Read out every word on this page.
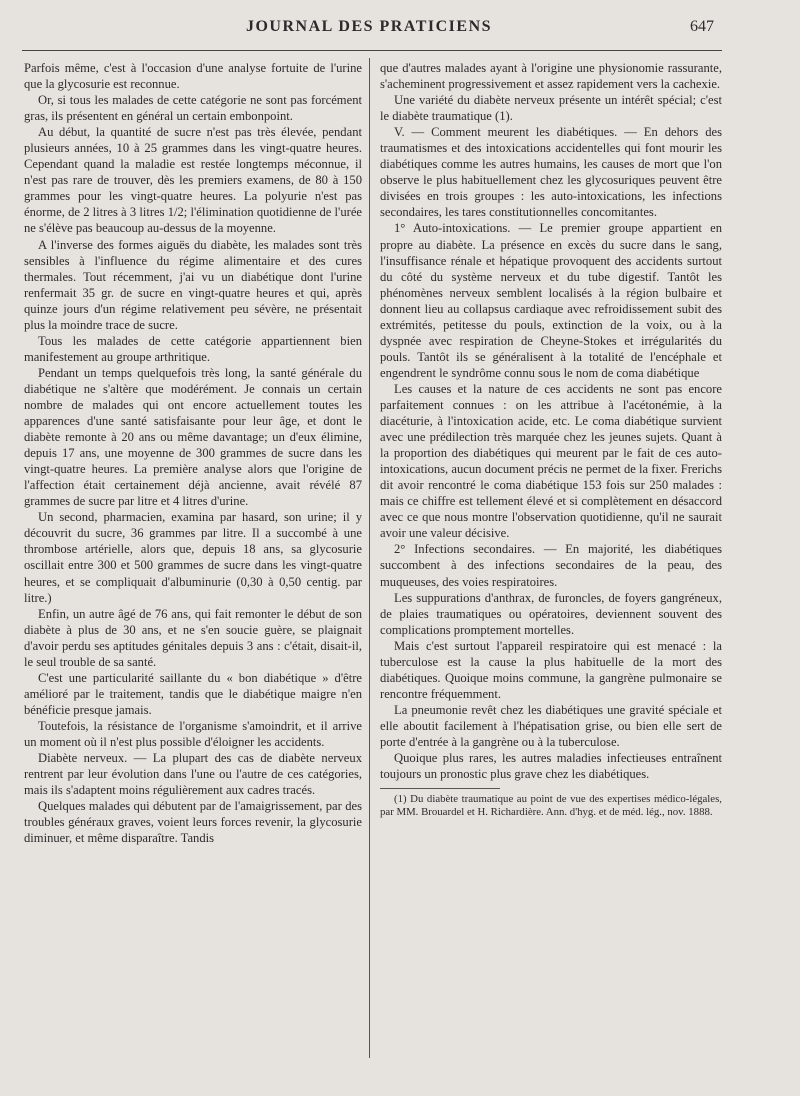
JOURNAL DES PRATICIENS	647

Parfois même, c'est à l'occasion d'une analyse fortuite de l'urine que la glycosurie est reconnue.

Or, si tous les malades de cette catégorie ne sont pas forcément gras, ils présentent en général un certain embonpoint.

Au début, la quantité de sucre n'est pas très élevée, pendant plusieurs années, 10 à 25 grammes dans les vingt-quatre heures. Cependant quand la maladie est restée longtemps méconnue, il n'est pas rare de trouver, dès les premiers examens, de 80 à 150 grammes pour les vingt-quatre heures. La polyurie n'est pas énorme, de 2 litres à 3 litres 1/2; l'élimination quotidienne de l'urée ne s'élève pas beaucoup au-dessus de la moyenne.

A l'inverse des formes aiguës du diabète, les malades sont très sensibles à l'influence du régime alimentaire et des cures thermales. Tout récemment, j'ai vu un diabétique dont l'urine renfermait 35 gr. de sucre en vingt-quatre heures et qui, après quinze jours d'un régime relativement peu sévère, ne présentait plus la moindre trace de sucre.

Tous les malades de cette catégorie appartiennent bien manifestement au groupe arthritique.

Pendant un temps quelquefois très long, la santé générale du diabétique ne s'altère que modérément. Je connais un certain nombre de malades qui ont encore actuellement toutes les apparences d'une santé satisfaisante pour leur âge, et dont le diabète remonte à 20 ans ou même davantage; un d'eux élimine, depuis 17 ans, une moyenne de 300 grammes de sucre dans les vingt-quatre heures. La première analyse alors que l'origine de l'affection était certainement déjà ancienne, avait révélé 87 grammes de sucre par litre et 4 litres d'urine.

Un second, pharmacien, examina par hasard, son urine; il y découvrit du sucre, 36 grammes par litre. Il a succombé à une thrombose artérielle, alors que, depuis 18 ans, sa glycosurie oscillait entre 300 et 500 grammes de sucre dans les vingt-quatre heures, et se compliquait d'albuminurie (0,30 à 0,50 centig. par litre.)

Enfin, un autre âgé de 76 ans, qui fait remonter le début de son diabète à plus de 30 ans, et ne s'en soucie guère, se plaignait d'avoir perdu ses aptitudes génitales depuis 3 ans : c'était, disait-il, le seul trouble de sa santé.

C'est une particularité saillante du « bon diabétique » d'être amélioré par le traitement, tandis que le diabétique maigre n'en bénéficie presque jamais.

Toutefois, la résistance de l'organisme s'amoindrit, et il arrive un moment où il n'est plus possible d'éloigner les accidents.

Diabète nerveux. — La plupart des cas de diabète nerveux rentrent par leur évolution dans l'une ou l'autre de ces catégories, mais ils s'adaptent moins régulièrement aux cadres tracés.

Quelques malades qui débutent par de l'amaigrissement, par des troubles généraux graves, voient leurs forces revenir, la glycosurie diminuer, et même disparaître. Tandis

que d'autres malades ayant à l'origine une physionomie rassurante, s'acheminent progressivement et assez rapidement vers la cachexie.

Une variété du diabète nerveux présente un intérêt spécial; c'est le diabète traumatique (1).

V. — Comment meurent les diabétiques. — En dehors des traumatismes et des intoxications accidentelles qui font mourir les diabétiques comme les autres humains, les causes de mort que l'on observe le plus habituellement chez les glycosuriques peuvent être divisées en trois groupes : les auto-intoxications, les infections secondaires, les tares constitutionnelles concomitantes.

1° Auto-intoxications. — Le premier groupe appartient en propre au diabète. La présence en excès du sucre dans le sang, l'insuffisance rénale et hépatique provoquent des accidents surtout du côté du système nerveux et du tube digestif. Tantôt les phénomènes nerveux semblent localisés à la région bulbaire et donnent lieu au collapsus cardiaque avec refroidissement subit des extrémités, petitesse du pouls, extinction de la voix, ou à la dyspnée avec respiration de Cheyne-Stokes et irrégularités du pouls. Tantôt ils se généralisent à la totalité de l'encéphale et engendrent le syndrôme connu sous le nom de coma diabétique

Les causes et la nature de ces accidents ne sont pas encore parfaitement connues : on les attribue à l'acétonémie, à la diacéturie, à l'intoxication acide, etc. Le coma diabétique survient avec une prédilection très marquée chez les jeunes sujets. Quant à la proportion des diabétiques qui meurent par le fait de ces auto-intoxications, aucun document précis ne permet de la fixer. Frerichs dit avoir rencontré le coma diabétique 153 fois sur 250 malades : mais ce chiffre est tellement élevé et si complètement en désaccord avec ce que nous montre l'observation quotidienne, qu'il ne saurait avoir une valeur décisive.

2° Infections secondaires. — En majorité, les diabétiques succombent à des infections secondaires de la peau, des muqueuses, des voies respiratoires.

Les suppurations d'anthrax, de furoncles, de foyers gangréneux, de plaies traumatiques ou opératoires, deviennent souvent des complications promptement mortelles.

Mais c'est surtout l'appareil respiratoire qui est menacé : la tuberculose est la cause la plus habituelle de la mort des diabétiques. Quoique moins commune, la gangrène pulmonaire se rencontre fréquemment.

La pneumonie revêt chez les diabétiques une gravité spéciale et elle aboutit facilement à l'hépatisation grise, ou bien elle sert de porte d'entrée à la gangrène ou à la tuberculose.

Quoique plus rares, les autres maladies infectieuses entraînent toujours un pronostic plus grave chez les diabétiques.

(1) Du diabète traumatique au point de vue des expertises médico-légales, par MM. Brouardel et H. Richardière. Ann. d'hyg. et de méd. lég., nov. 1888.
